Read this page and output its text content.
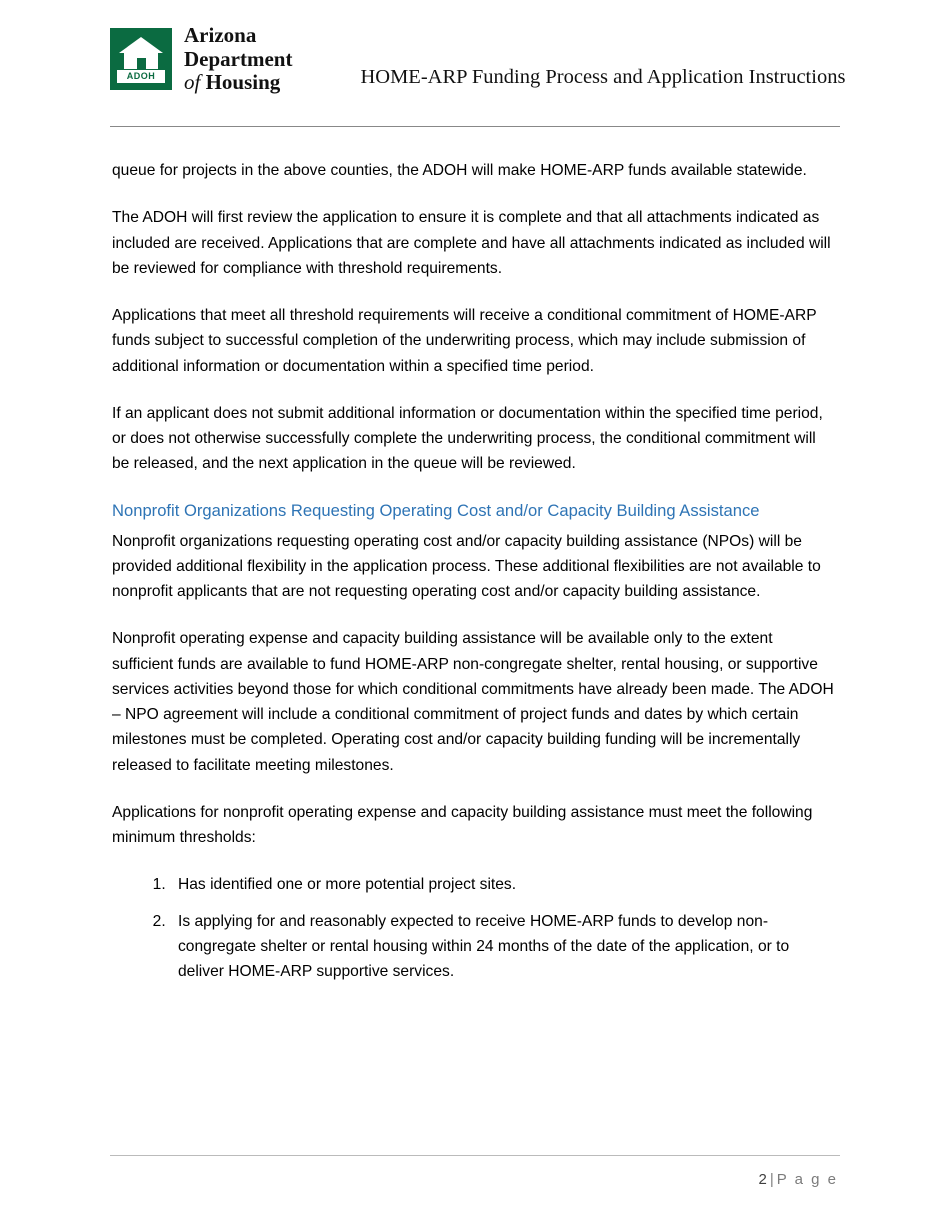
ADOH
Arizona
Department
of Housing	HOME-ARP Funding Process and Application Instructions

queue for projects in the above counties, the ADOH will make HOME-ARP funds available statewide.

The ADOH will first review the application to ensure it is complete and that all attachments indicated as included are received. Applications that are complete and have all attachments indicated as included will be reviewed for compliance with threshold requirements.

Applications that meet all threshold requirements will receive a conditional commitment of HOME-ARP funds subject to successful completion of the underwriting process, which may include submission of additional information or documentation within a specified time period.

If an applicant does not submit additional information or documentation within the specified time period, or does not otherwise successfully complete the underwriting process, the conditional commitment will be released, and the next application in the queue will be reviewed.

Nonprofit Organizations Requesting Operating Cost and/or Capacity Building Assistance

Nonprofit organizations requesting operating cost and/or capacity building assistance (NPOs) will be provided additional flexibility in the application process. These additional flexibilities are not available to nonprofit applicants that are not requesting operating cost and/or capacity building assistance.

Nonprofit operating expense and capacity building assistance will be available only to the extent sufficient funds are available to fund HOME-ARP non-congregate shelter, rental housing, or supportive services activities beyond those for which conditional commitments have already been made. The ADOH – NPO agreement will include a conditional commitment of project funds and dates by which certain milestones must be completed. Operating cost and/or capacity building funding will be incrementally released to facilitate meeting milestones.

Applications for nonprofit operating expense and capacity building assistance must meet the following minimum thresholds:

1. Has identified one or more potential project sites.
2. Is applying for and reasonably expected to receive HOME-ARP funds to develop non-congregate shelter or rental housing within 24 months of the date of the application, or to deliver HOME-ARP supportive services.
2 | P a g e
